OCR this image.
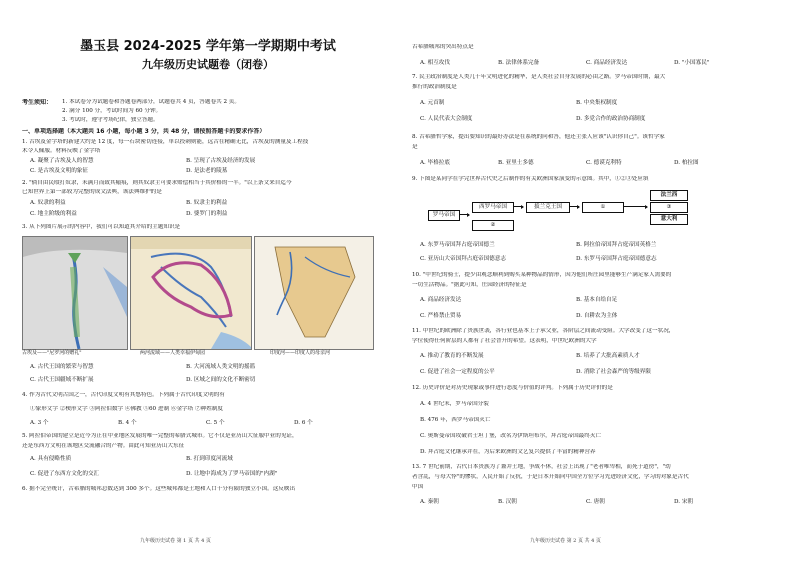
墨玉县 2024-2025 学年第一学期期中考试
九年级历史试题卷（闭卷）
考生须知：	1. 本试卷分为试题卷和答题卷两部分，试题卷共 4 页，答题卷共 2 页。
2. 满分 100 分，考试时间为 60 分钟。
3. 考试时，遵守考场纪律，独立答题。
一、单项选择题（本大题共 16 小题，每小题 3 分，共 48 分，请按照答题卡的要求作答）
1. 古埃及金字塔的新建大约是 12 度，每一石块密切连接，单以投刺则能，远古在精确无比，古埃及的测量及工程技
术令人佩服。材料反映了金字塔
A. 凝聚了古埃及人的智慧	B. 呈现了古埃及经济的发展
C. 是古埃及文明的象征	D. 是法老的陵墓
2. "倘自由民殴打奴隶，未满月而致其瘢痕，则其奴隶主可要求赔偿相当于其价格的一半。"以上条文来自迄今
已知世界上第一部较为完整的成文法典，该法典维护的是
A. 奴隶的利益	B. 奴隶主的利益
C. 地主阶级的利益	D. 婆罗门的利益
3. 从下列图片展示的内容中，我们可以知道其介绍的主题知识是
古埃及——"尼罗河的赠礼"	两河流域——人类幸福伊甸园	印度河——印度人的母亲河
A. 古代王国的繁荣与智慧	B. 大河流域人类文明的摇篮
C. 古代王国疆域不断扩展	D. 区域之间的文化不断密切
4. 作为古代文明古国之一，古代印度文明有其悠特色。下列属于古代印度文明的有
①象形文字 ②楔形文字 ③阿拉伯数字 ④佛教 ⑤60 进制 ⑥金字塔 ⑦种姓制度
A. 3 个	B. 4 个	C. 5 个	D. 6 个
5. 阿拉伯帝国的建立是近今为止在中亚地区发展的唯一完整的希腊式城市。它不仅是亚历山大征服中亚的见证，
还是东西方文明在该地区交流融合的产物。由此可知亚历山大东征
A. 具有侵略性质	B. 打到印度河流域
C. 促进了东西方文化的交汇	D. 让地中海成为了罗马帝国的"内湖"
6. 据不完全统计，古希腊的城邦总数达到 300 多个。这些城邦都是土地和人口十分有限的独立小国。这反映出
九年级历史试卷 第 1 页 共 4 页
古希腊城邦的突出特点是
A. 相互攻伐	B. 法律体系完备	C. 商品经济发达	D. "小国寡民"
7. 民主政治制度是人类几千年文明进化的精华，是人类社会自身发展的必由之路。罗马帝国时期，最大
推行的政治制度是
A. 元首制	B. 中央集权制度
C. 人民代表大会制度	D. 多党合作的政治协商制度
8. 古希腊哲学家，提出要知识的最好办法是在系统的问和答，他还主张人应该"认识你自己"。该哲学家
是
A. 毕格拉底	B. 亚里士多德	C. 德谟克利特	D. 柏拉图
9. 下图是某同学在学完世界古代史之后制作的有关欧洲国家演变的示意图。其中，①②③处应填
罗马帝国
西罗马帝国
②
拔兰克王国	①
法兰西
③
意大利
A. 东罗马帝国拜占庭帝国德兰	B. 阿拉伯帝国拜占庭帝国英格兰
C. 亚历山大帝国拜占庭帝国德意志	D. 东罗马帝国拜占庭帝国德意志
10. "中世纪的骑士，提少由观念顺利到购买某种物品的情形，因为他们所庄园里能够生产满足家人需要的
一切生活物品。"据此可知，庄园经济的特征是
A. 商品经济发达	B. 基本自给自足
C. 严格禁止贸易	D. 自耕农为主体
11. 中世纪的欧洲除了贵族世袭，各行业也基本上子承父业，各阶层之间流动受阻。大学改变了这一状况，
学位使得任何阶层的人都有了社会晋升的希望。这表明，中世纪欧洲的大学
A. 推动了教育的不断发展	B. 培养了大批高素质人才
C. 促进了社会一定程度的公平	D. 消除了社会森严的等级界限
12. 历史评价是对历史现象或事件进行态度与价值的评判。下列属于历史评价的是
A. 4 世纪末，罗马帝国分裂
B. 476 年，西罗马帝国灭亡
C. 奥斯曼帝国攻破君士坦丁堡，改名为伊斯坦布尔，拜占庭帝国最终灭亡
D. 拜占庭文化继承并在，为后来欧洲的文艺复兴提供了丰富的精神营养
13. 7 世纪前期，古代日本贵族为了兼并土地，争战不休，社会上出现了"老者唯卑相，而死于道傍"，"幼
者含乱，与母大悖"的惨状，人民开始了反抗，于是日本开始向中国全方位学习先进经济文化，学习的对象是古代
中国
A. 秦朝	B. 汉朝	C. 唐朝	D. 宋朝
九年级历史试卷 第 2 页 共 4 页
